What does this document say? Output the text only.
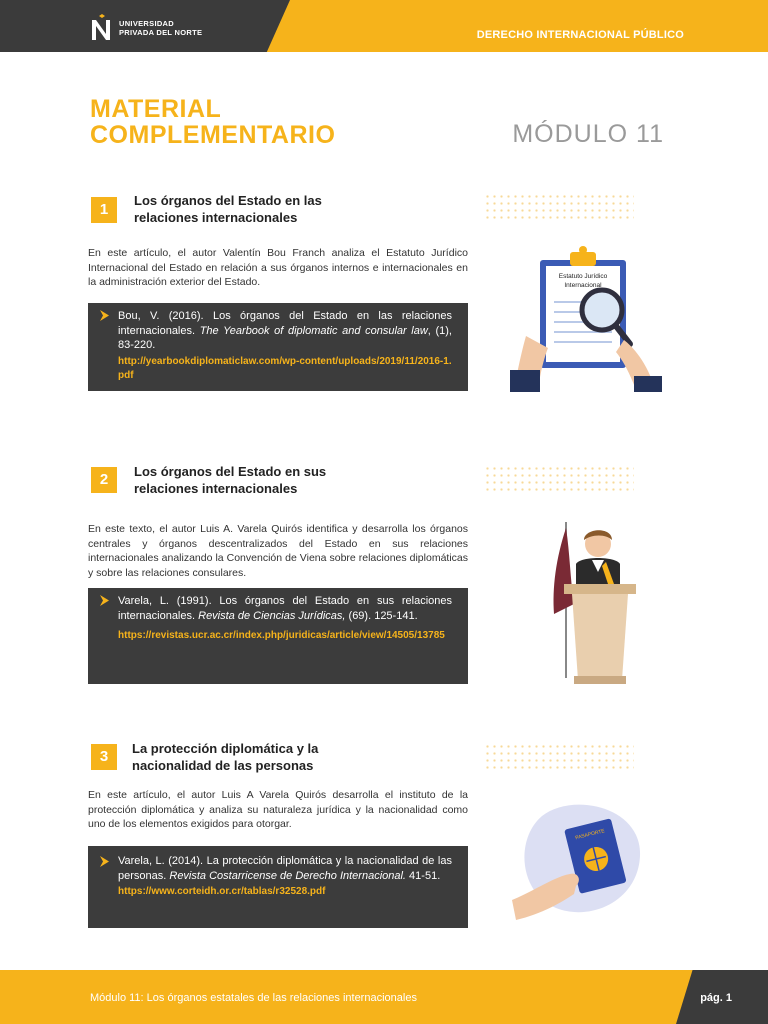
UNIVERSIDAD
PRIVADA DEL NORTE	DERECHO INTERNACIONAL PÚBLICO
MATERIAL
COMPLEMENTARIO	MÓDULO 11
1
Los órganos del Estado en las
relaciones internacionales
En este artículo, el autor Valentín Bou Franch analiza el Estatuto Jurídico Internacional del Estado en relación a sus órganos internos e internacionales en la administración exterior del Estado.
Bou, V. (2016). Los órganos del Estado en las relaciones internacionales. The Yearbook of diplomatic and consular law, (1), 83-220.
http://yearbookdiplomaticlaw.com/wp-content/uploads/2019/11/2016-1.pdf
Estatuto Jurídico
Internacional
2	Los órganos del Estado en sus
relaciones internacionales
En este texto, el autor Luis A. Varela Quirós identifica y desarrolla los órganos centrales y órganos descentralizados del Estado en sus relaciones internacionales analizando la Convención de Viena sobre relaciones diplomáticas y sobre las relaciones consulares.
Varela, L. (1991). Los órganos del Estado en sus relaciones internacionales. Revista de Ciencias Jurídicas, (69). 125-141.
https://revistas.ucr.ac.cr/index.php/juridicas/article/view/14505/13785
3	La protección diplomática y la
nacionalidad de las personas
En este artículo, el autor Luis A Varela Quirós desarrolla el instituto de la protección diplomática y analiza su naturaleza jurídica y la nacionalidad como uno de los elementos exigidos para otorgar.
Varela, L. (2014). La protección diplomática y la nacionalidad de las personas. Revista Costarricense de Derecho Internacional. 41-51.
https://www.corteidh.or.cr/tablas/r32528.pdf
PASAPORTE
Módulo 11: Los órganos estatales de las relaciones internacionales	pág. 1
